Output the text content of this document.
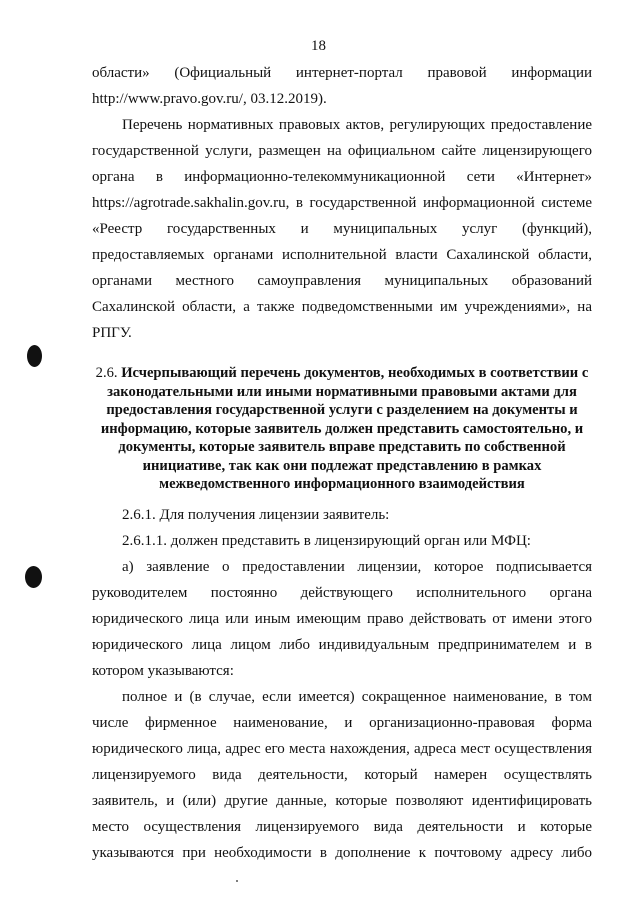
18

области» (Официальный интернет-портал правовой информации http://www.pravo.gov.ru/, 03.12.2019).

Перечень нормативных правовых актов, регулирующих предоставление государственной услуги, размещен на официальном сайте лицензирующего органа в информационно-телекоммуникационной сети «Интернет» https://agrotrade.sakhalin.gov.ru, в государственной информационной системе «Реестр государственных и муниципальных услуг (функций), предоставляемых органами исполнительной власти Сахалинской области, органами местного самоуправления муниципальных образований Сахалинской области, а также подведомственными им учреждениями», на РПГУ.

2.6. Исчерпывающий перечень документов, необходимых в соответствии с законодательными или иными нормативными правовыми актами для предоставления государственной услуги с разделением на документы и информацию, которые заявитель должен представить самостоятельно, и документы, которые заявитель вправе представить по собственной инициативе, так как они подлежат представлению в рамках межведомственного информационного взаимодействия

2.6.1. Для получения лицензии заявитель:

2.6.1.1. должен представить в лицензирующий орган или МФЦ:

а) заявление о предоставлении лицензии, которое подписывается руководителем постоянно действующего исполнительного органа юридического лица или иным имеющим право действовать от имени этого юридического лица лицом либо индивидуальным предпринимателем и в котором указываются:

полное и (в случае, если имеется) сокращенное наименование, в том числе фирменное наименование, и организационно-правовая форма юридического лица, адрес его места нахождения, адреса мест осуществления лицензируемого вида деятельности, который намерен осуществлять заявитель, и (или) другие данные, которые позволяют идентифицировать место осуществления лицензируемого вида деятельности и которые указываются при необходимости в дополнение к почтовому адресу либо
